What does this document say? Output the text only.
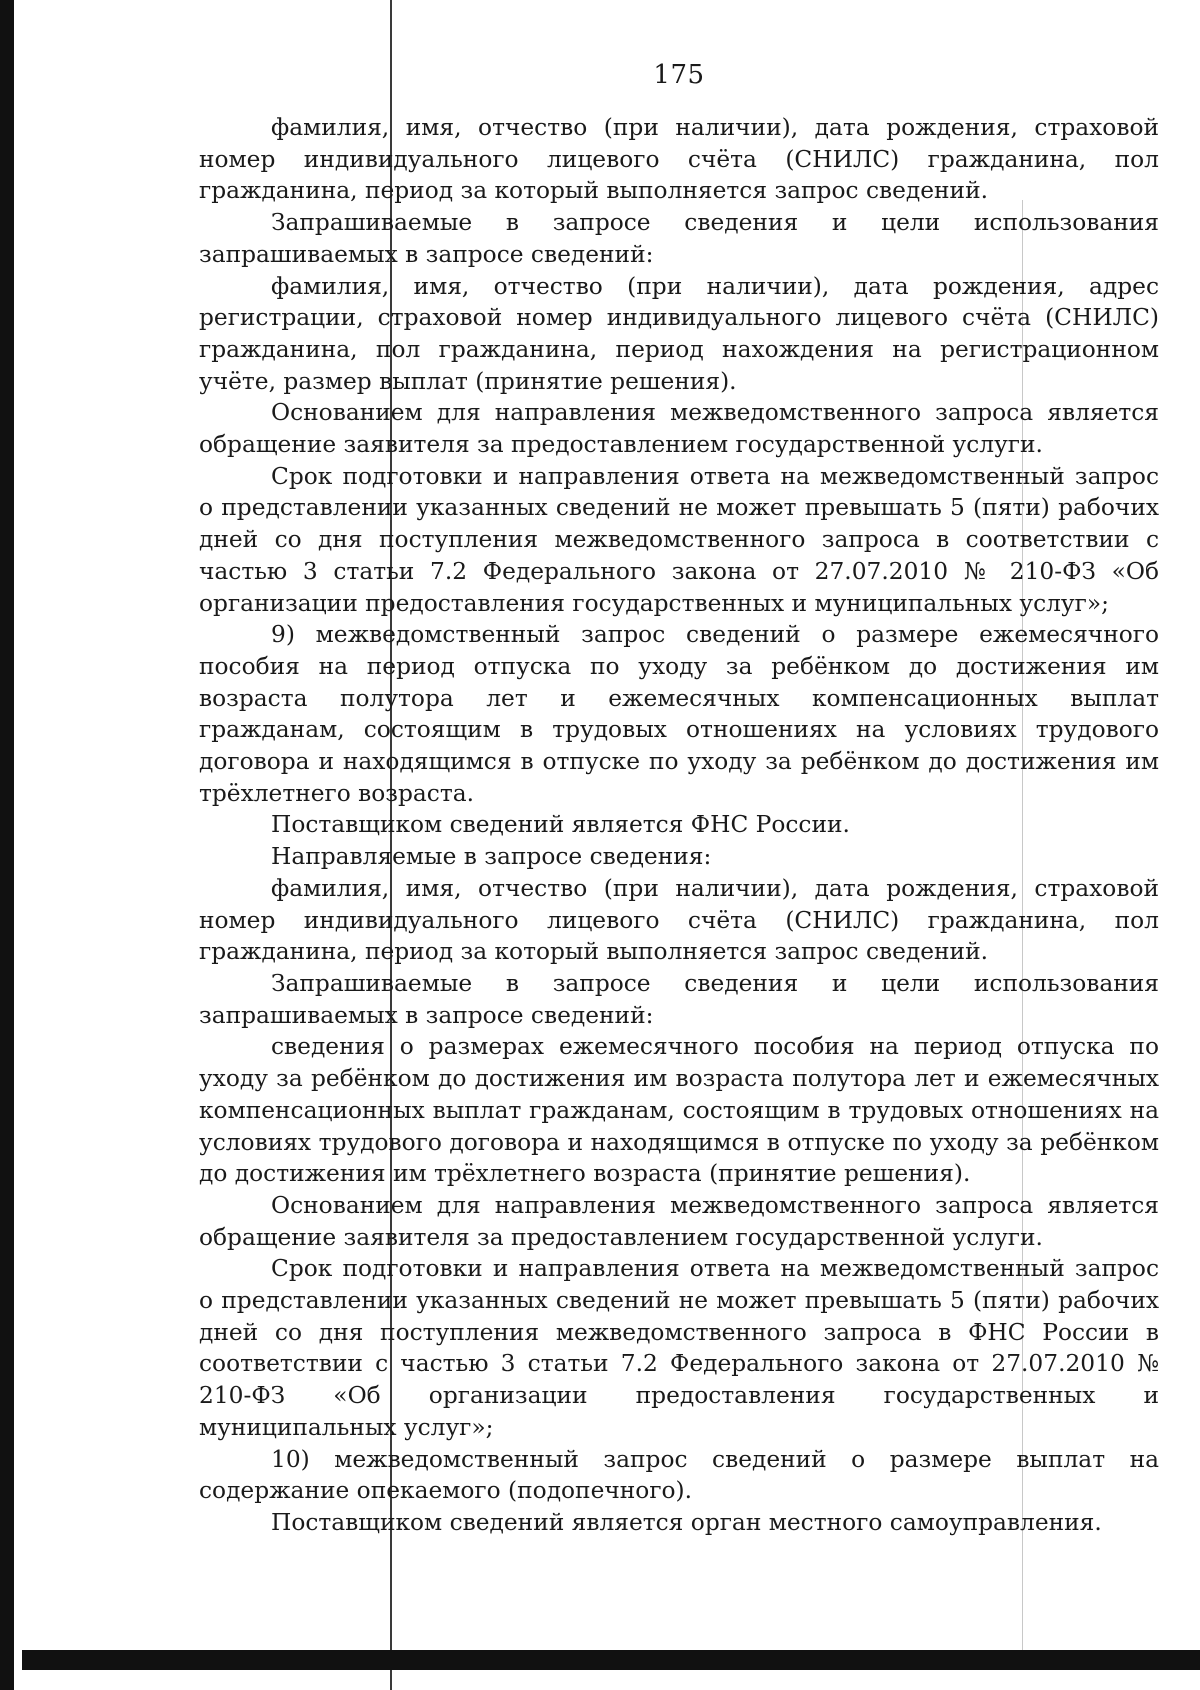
175

фамилия, имя, отчество (при наличии), дата рождения, страховой номер индивидуального лицевого счёта (СНИЛС) гражданина, пол гражданина, период за который выполняется запрос сведений.

Запрашиваемые в запросе сведения и цели использования запрашиваемых в запросе сведений:

фамилия, имя, отчество (при наличии), дата рождения, адрес регистрации, страховой номер индивидуального лицевого счёта (СНИЛС) гражданина, пол гражданина, период нахождения на регистрационном учёте, размер выплат (принятие решения).

Основанием для направления межведомственного запроса является обращение заявителя за предоставлением государственной услуги.

Срок подготовки и направления ответа на межведомственный запрос о представлении указанных сведений не может превышать 5 (пяти) рабочих дней со дня поступления межведомственного запроса в соответствии с частью 3 статьи 7.2 Федерального закона от 27.07.2010 № 210-ФЗ «Об организации предоставления государственных и муниципальных услуг»;

9) межведомственный запрос сведений о размере ежемесячного пособия на период отпуска по уходу за ребёнком до достижения им возраста полутора лет и ежемесячных компенсационных выплат гражданам, состоящим в трудовых отношениях на условиях трудового договора и находящимся в отпуске по уходу за ребёнком до достижения им трёхлетнего возраста.

Поставщиком сведений является ФНС России.

Направляемые в запросе сведения:

фамилия, имя, отчество (при наличии), дата рождения, страховой номер индивидуального лицевого счёта (СНИЛС) гражданина, пол гражданина, период за который выполняется запрос сведений.

Запрашиваемые в запросе сведения и цели использования запрашиваемых в запросе сведений:

сведения о размерах ежемесячного пособия на период отпуска по уходу за ребёнком до достижения им возраста полутора лет и ежемесячных компенсационных выплат гражданам, состоящим в трудовых отношениях на условиях трудового договора и находящимся в отпуске по уходу за ребёнком до достижения им трёхлетнего возраста (принятие решения).

Основанием для направления межведомственного запроса является обращение заявителя за предоставлением государственной услуги.

Срок подготовки и направления ответа на межведомственный запрос о представлении указанных сведений не может превышать 5 (пяти) рабочих дней со дня поступления межведомственного запроса в ФНС России в соответствии с частью 3 статьи 7.2 Федерального закона от 27.07.2010 № 210-ФЗ «Об организации предоставления государственных и муниципальных услуг»;

10) межведомственный запрос сведений о размере выплат на содержание опекаемого (подопечного).

Поставщиком сведений является орган местного самоуправления.
